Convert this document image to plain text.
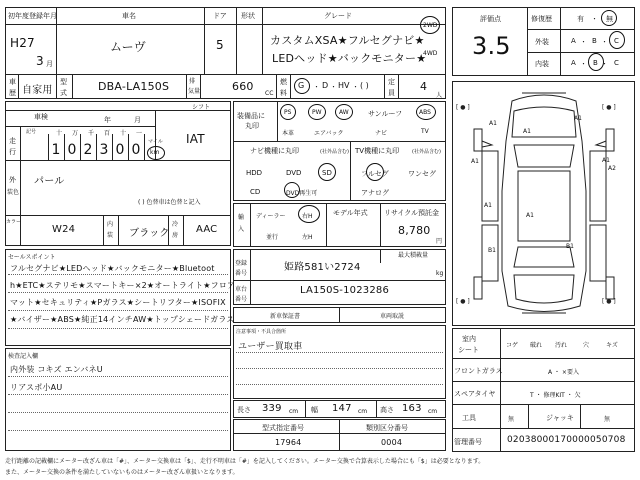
初年度登録年月
H27
3 月
車名
ムーヴ
ドア
5
形状	グレード
カスタムXSA★フルセグナビ★
LEDヘッド★バックモニター★
2WD
4WD
車
歴 自家用
型
式	DBA-LA150S	排
気量	660
CC
燃
料
G ・ D ・ HV ・ ( )	定
員 4
人
評価点
3.5
修復歴	有 ・ 無
外装	A ・ B ・ C
内装	A ・ B ・ C
シフト
車検	年	月
IAT
走
行
記号	十 万 千 百 十 一
1 0 2 3 0 0	マイル
km
外
装色
パール
( ) 色替車は色替と記入
カラー
W24	内
装 ブラック
冷
房
AAC
装備品に
丸印
PS	PW	AW	サンルーフ	ABS
本革	エアバック	ナビ	TV
ナビ機種に丸印	(社外品含む)
HDD	DVD	SD
CD	DVD再生可
TV機種に丸印	(社外品含む)
フルセグ	ワンセグ
アナログ
輸
入
ディーラー
並行
右H
左H
モデル年式 リサイクル預託金
8,780
円
セールスポイント
フルセグナビ★LEDヘッド★バックモニター★Bluetoot
h★ETC★ステリモ★スマートキー×2★オートライト★フロア
マット★セキュリティ★Pガラス★シートリフター★ISOFIX
★バイザー★ABS★純正14インチAW★トップシェードガラス
最大積載量
登録
番号
姫路581い2724
kg
車台
番号
LA150S-1023286
新車保証書	車両取説
検査記入欄
内外装 コキズ エンバネU
リアスポ小AU
注意事項・不具合箇所
ユーザー買取車
長さ 339 cm 幅 147 cm 高さ 163 cm
型式指定番号
17964
類別区分番号
0004
[ ● ]	[ ● ]
[ ● ]	[ ● ]
A1
A1
A1
A1
A1
A1
B1
B1
A1
A2
室内
シート
コゲ 破れ 汚れ	穴	キズ
フロントガラス	A ・ ×要入
スペアタイヤ	T ・ 修理KIT ・ 欠
工具	無	ジャッキ	無
管理番号	02038000170000050708
走行距離の記載欄にメーター改ざん車は「#」、メーター交換車は「$」、走行不明車は「#」を記入してください。メーター交換で合算表示した場合にも「$」は必要となります。
また、メーター交換の条件を満たしていないものはメーター改ざん車扱いとなります。
